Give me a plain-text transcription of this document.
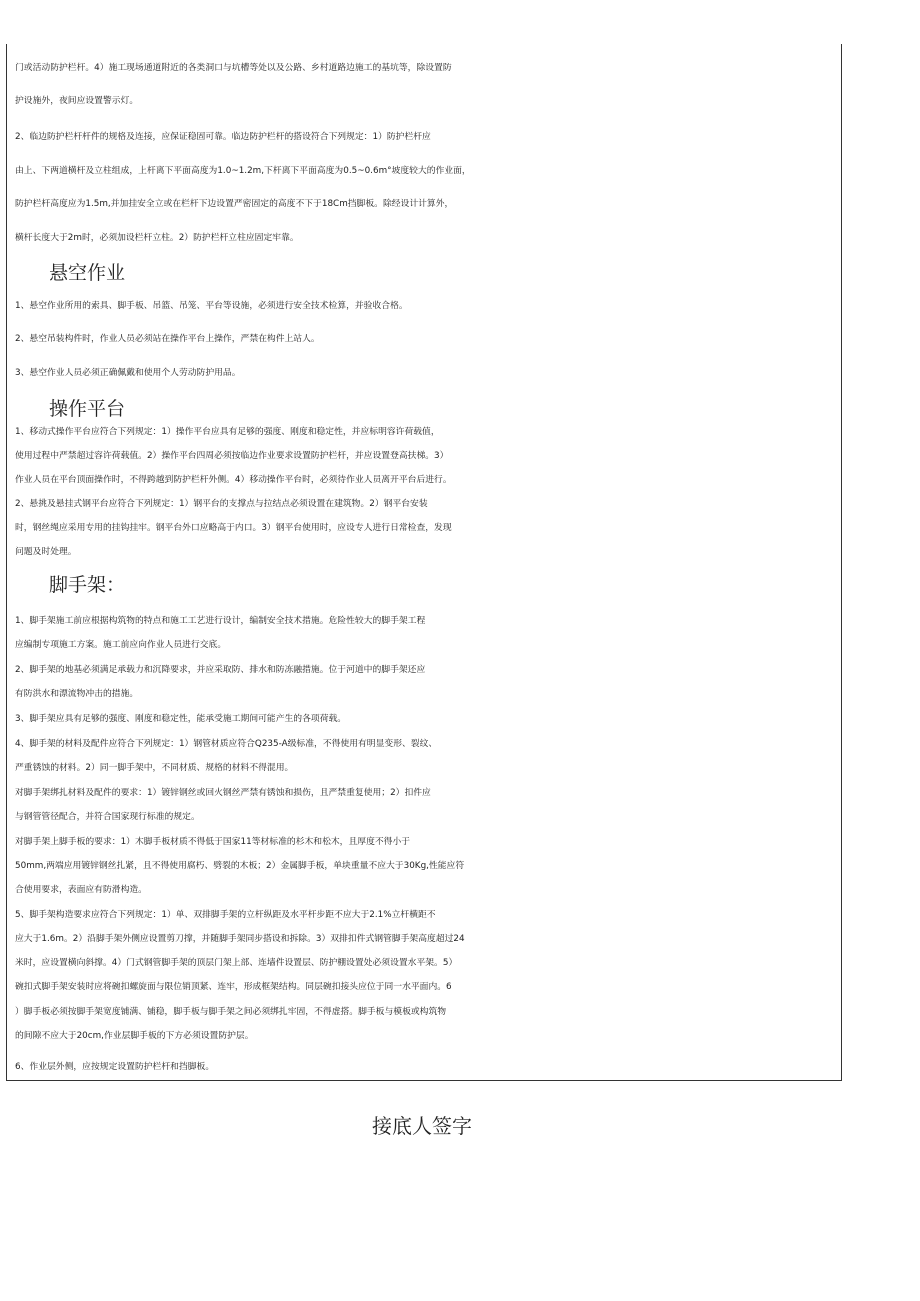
门或活动防护栏杆。4）施工现场通道附近的各类洞口与坑槽等处以及公路、乡村道路边施工的基坑等，除设置防

护设施外，夜间应设置警示灯。

2、临边防护栏杆杆件的规格及连接，应保证稳固可靠。临边防护栏杆的搭设符合下列规定：1）防护栏杆应

由上、下两道横杆及立柱组成，上杆离下平面高度为1.0~1.2m,下杆离下平面高度为0.5~0.6m°坡度较大的作业面，

防护栏杆高度应为1.5m,并加挂安全立或在栏杆下边设置严密固定的高度不下于18Cm挡脚板。除经设计计算外，

横杆长度大于2m时，必须加设栏杆立柱。2）防护栏杆立柱应固定牢靠。

悬空作业

1、悬空作业所用的索具、脚手板、吊篮、吊笼、平台等设施，必须进行安全技术检算，并验收合格。

2、悬空吊装构件时，作业人员必须站在操作平台上操作，严禁在构件上站人。

3、悬空作业人员必须正确佩戴和使用个人劳动防护用品。

操作平台

1、移动式操作平台应符合下列规定：1）操作平台应具有足够的强度、刚度和稳定性，并应标明容许荷载值，

使用过程中严禁超过容许荷载值。2）操作平台四周必须按临边作业要求设置防护栏杆，并应设置登高扶梯。3）

作业人员在平台顶面操作时，不得跨越到防护栏杆外侧。4）移动操作平台时，必须待作业人员离开平台后进行。

2、悬挑及悬挂式钢平台应符合下列规定：1）钢平台的支撑点与拉结点必须设置在建筑物。2）钢平台安装

时，钢丝绳应采用专用的挂钩挂牢。钢平台外口应略高于内口。3）钢平台使用时，应设专人进行日常检查，发现

问题及时处理。

脚手架：

1、脚手架施工前应根据构筑物的特点和施工工艺进行设计，编制安全技术措施。危险性较大的脚手架工程

应编制专项施工方案。施工前应向作业人员进行交底。

2、脚手架的地基必须满足承载力和沉降要求，并应采取防、排水和防冻融措施。位于河道中的脚手架还应

有防洪水和漂流物冲击的措施。

3、脚手架应具有足够的强度、刚度和稳定性，能承受施工期间可能产生的各项荷载。

4、脚手架的材料及配件应符合下列规定：1）钢管材质应符合Q235-A级标准，不得使用有明显变形、裂纹、

严重锈蚀的材料。2）同一脚手架中，不同材质、规格的材料不得混用。

对脚手架绑扎材料及配件的要求：1）镀锌钢丝或回火钢丝严禁有锈蚀和损伤，且严禁重复使用；2）扣件应

与钢管管径配合，并符合国家现行标准的规定。

对脚手架上脚手板的要求：1）木脚手板材质不得低于国家11等材标准的杉木和松木，且厚度不得小于

50mm,两端应用镀锌钢丝扎紧，且不得使用腐朽、劈裂的木板；2）金属脚手板，单块重量不应大于30Kg,性能应符

合使用要求，表面应有防滑构造。

5、脚手架构造要求应符合下列规定：1）单、双排脚手架的立杆纵距及水平杆步距不应大于2.1%立杆横距不

应大于1.6m。2）沿脚手架外侧应设置剪刀撑，并随脚手架同步搭设和拆除。3）双排扣件式钢管脚手架高度超过24

米时，应设置横向斜撑。4）门式钢管脚手架的顶层门架上部、连墙件设置层、防护棚设置处必须设置水平架。5）

碗扣式脚手架安装时应将碗扣螺旋面与限位销顶紧、连牢，形成框架结构。同层碗扣接头应位于同一水平面内。6

）脚手板必须按脚手架宽度铺满、铺稳，脚手板与脚手架之间必须绑扎牢固，不得虚搭。脚手板与模板或构筑物

的间隙不应大于20cm,作业层脚手板的下方必须设置防护层。

6、作业层外侧，应按规定设置防护栏杆和挡脚板。

接底人签字
